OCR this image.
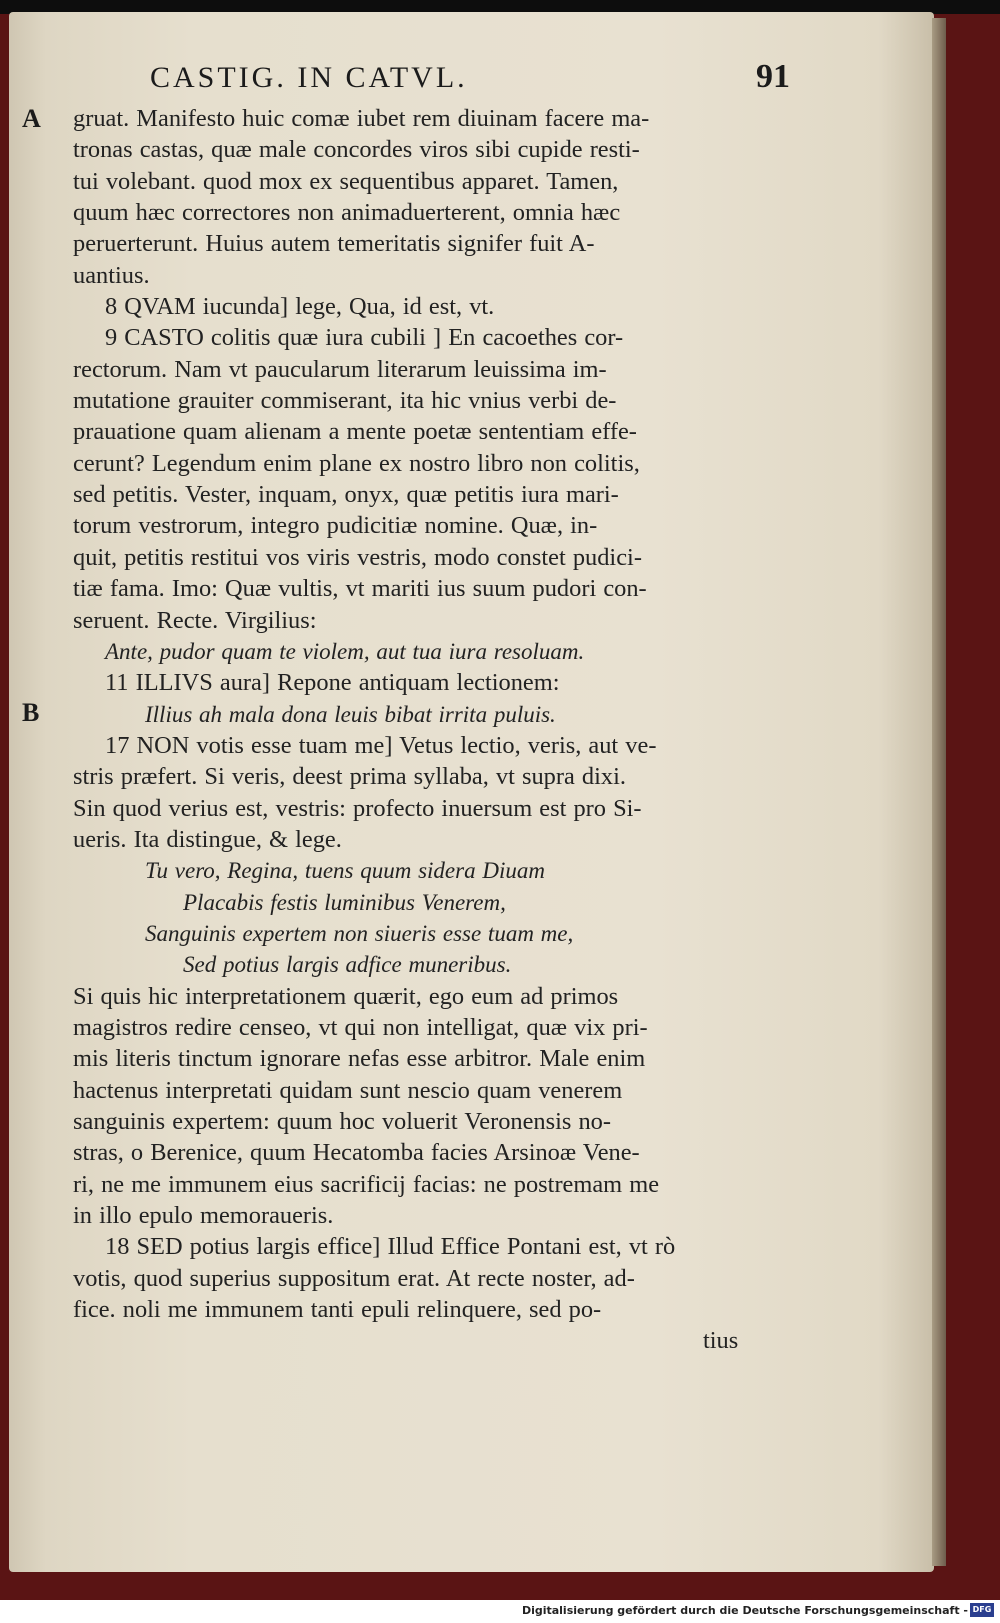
CASTIG. IN CATVL.	91
A
B
gruat. Manifesto huic comæ iubet rem diuinam facere ma-
tronas castas, quæ male concordes viros sibi cupide resti-
tui volebant. quod mox ex sequentibus apparet. Tamen,
quum hæc correctores non animaduerterent, omnia hæc
peruerterunt. Huius autem temeritatis signifer fuit A-
uantius.
8 QVAM iucunda] lege, Qua, id est, vt.
9 CASTO colitis quæ iura cubili ] En cacoethes cor-
rectorum. Nam vt paucularum literarum leuissima im-
mutatione grauiter commiserant, ita hic vnius verbi de-
prauatione quam alienam a mente poetæ sententiam effe-
cerunt? Legendum enim plane ex nostro libro non colitis,
sed petitis. Vester, inquam, onyx, quæ petitis iura mari-
torum vestrorum, integro pudicitiæ nomine. Quæ, in-
quit, petitis restitui vos viris vestris, modo constet pudici-
tiæ fama. Imo: Quæ vultis, vt mariti ius suum pudori con-
seruent. Recte. Virgilius:
Ante, pudor quam te violem, aut tua iura resoluam.
11 ILLIVS aura] Repone antiquam lectionem:
Illius ah mala dona leuis bibat irrita puluis.
17 NON votis esse tuam me] Vetus lectio, veris, aut ve-
stris præfert. Si veris, deest prima syllaba, vt supra dixi.
Sin quod verius est, vestris: profecto inuersum est pro Si-
ueris. Ita distingue, & lege.
Tu vero, Regina, tuens quum sidera Diuam
Placabis festis luminibus Venerem,
Sanguinis expertem non siueris esse tuam me,
Sed potius largis adfice muneribus.
Si quis hic interpretationem quærit, ego eum ad primos
magistros redire censeo, vt qui non intelligat, quæ vix pri-
mis literis tinctum ignorare nefas esse arbitror. Male enim
hactenus interpretati quidam sunt nescio quam venerem
sanguinis expertem: quum hoc voluerit Veronensis no-
stras, o Berenice, quum Hecatomba facies Arsinoæ Vene-
ri, ne me immunem eius sacrificij facias: ne postremam me
in illo epulo memoraueris.
18 SED potius largis effice] Illud Effice Pontani est, vt rò
votis, quod superius suppositum erat. At recte noster, ad-
fice. noli me immunem tanti epuli relinquere, sed po-
tius
Digitalisierung gefördert durch die Deutsche Forschungsgemeinschaft - DFG
